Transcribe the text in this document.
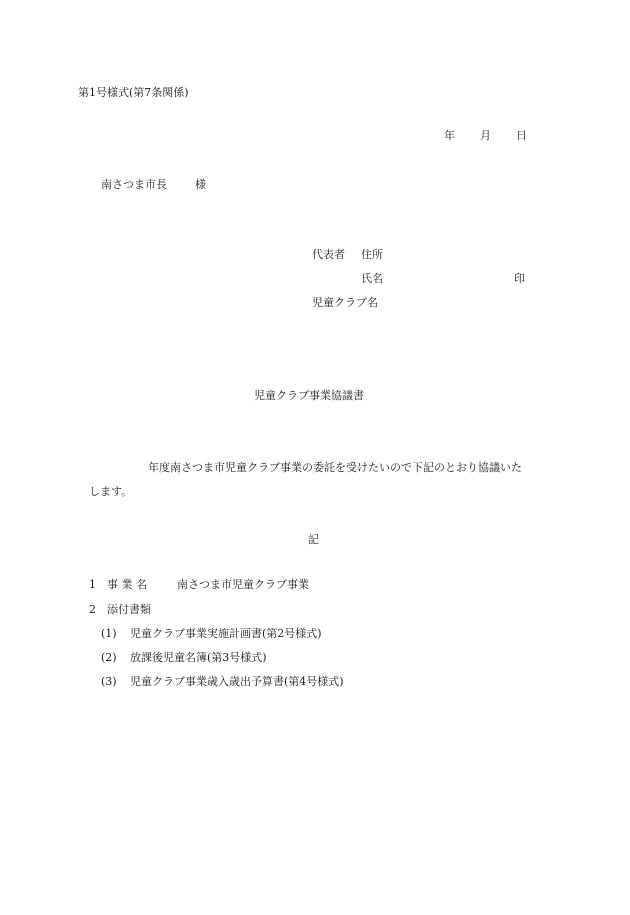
第1号様式(第7条関係)
年 月 日
南さつま市長	様
代表者 住所
氏名	印
児童クラブ名
児童クラブ事業協議書
年度南さつま市児童クラブ事業の委託を受けたいので下記のとおり協議いた
します。
記
1 事 業 名	南さつま市児童クラブ事業
2 添付書類
(1) 児童クラブ事業実施計画書(第2号様式)
(2) 放課後児童名簿(第3号様式)
(3) 児童クラブ事業歳入歳出予算書(第4号様式)
